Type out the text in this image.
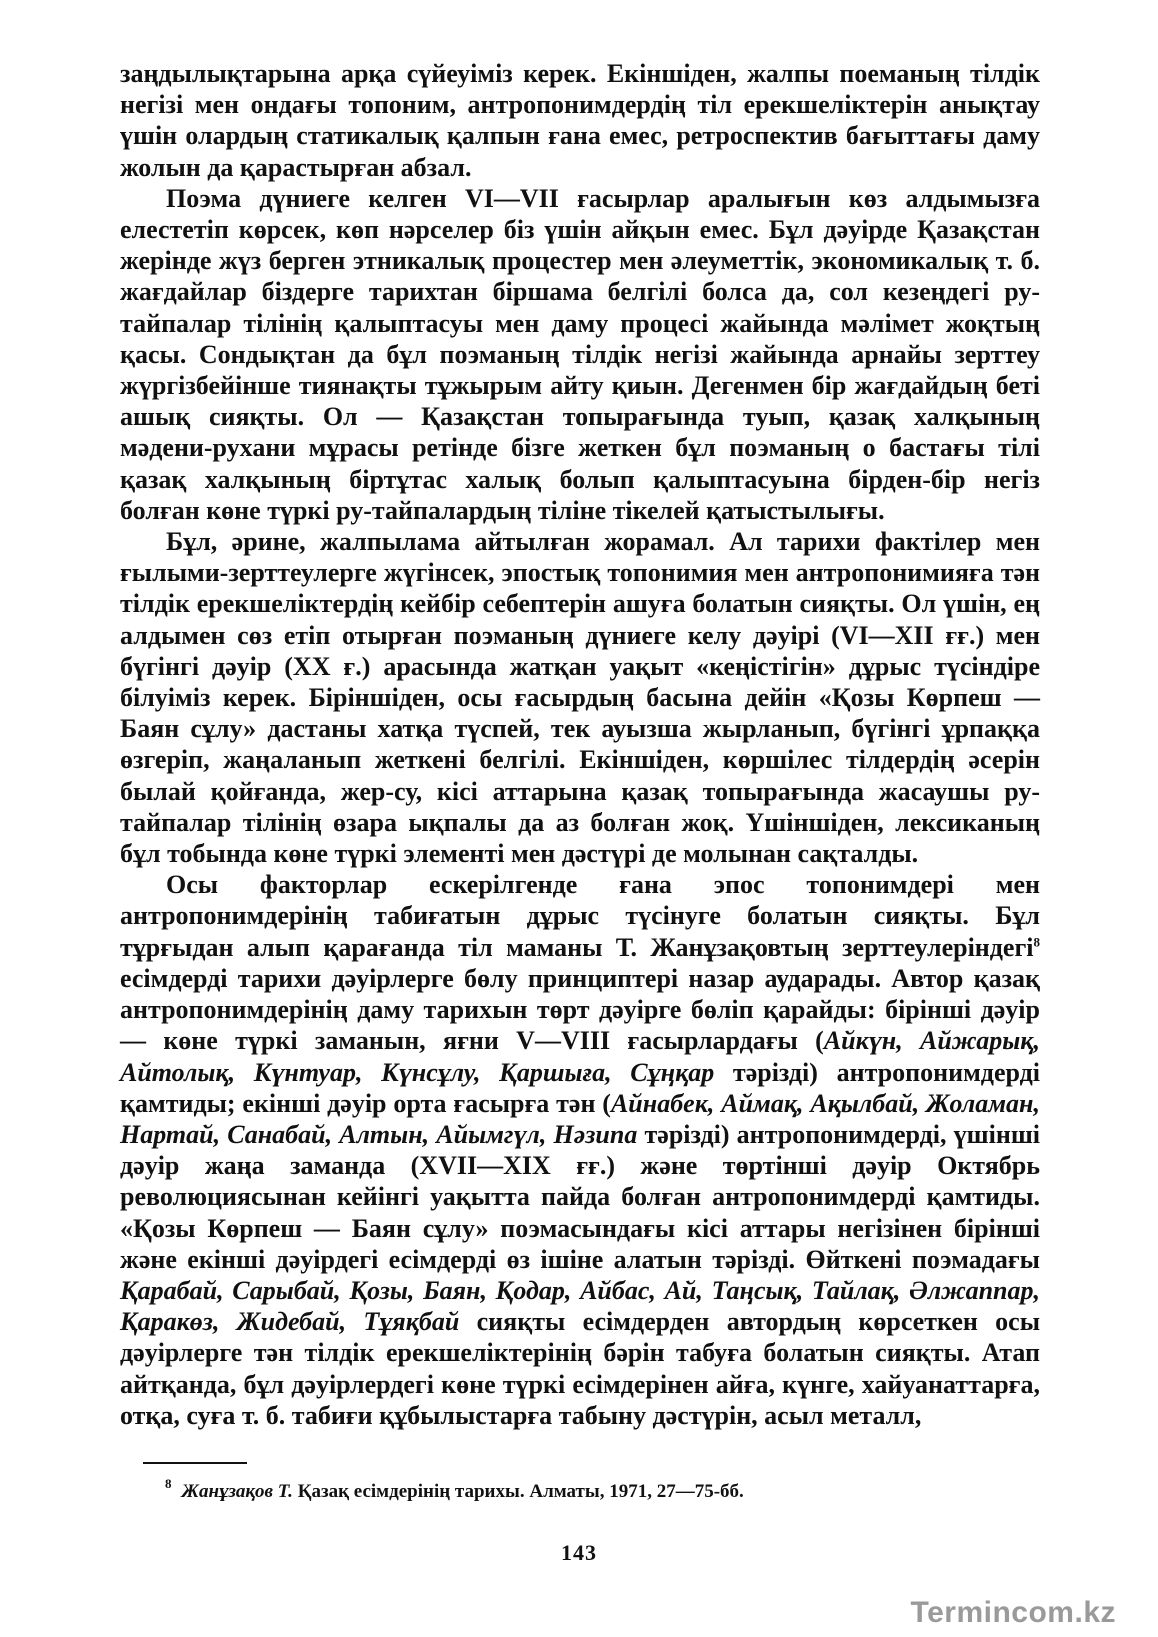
заңдылықтарына арқа сүйеуіміз керек. Екіншіден, жалпы поеманың тілдік негізі мен ондағы топоним, антропонимдердің тіл ерекшеліктерін анықтау үшін олардың статикалық қалпын ғана емес, ретроспектив бағыттағы даму жолын да қарастырған абзал.

Поэма дүниеге келген VI—VII ғасырлар аралығын көз алдымызға елестетіп көрсек, көп нәрселер біз үшін айқын емес. Бұл дәуірде Қазақстан жерінде жүз берген этникалық процестер мен әлеуметтік, экономикалық т. б. жағдайлар біздерге тарихтан біршама белгілі болса да, сол кезеңдегі ру-тайпалар тілінің қалыптасуы мен даму процесі жайында мәлімет жоқтың қасы. Сондықтан да бұл поэманың тілдік негізі жайында арнайы зерттеу жүргізбейінше тиянақты тұжырым айту қиын. Дегенмен бір жағдайдың беті ашық сияқты. Ол — Қазақстан топырағында туып, қазақ халқының мәдени-рухани мұрасы ретінде бізге жеткен бұл поэманың о бастағы тілі қазақ халқының біртұтас халық болып қалыптасуына бірден-бір негіз болған көне түркі ру-тайпалардың тіліне тікелей қатыстылығы.

Бұл, әрине, жалпылама айтылған жорамал. Ал тарихи фактілер мен ғылыми-зерттеулерге жүгінсек, эпостық топонимия мен антропонимияға тән тілдік ерекшеліктердің кейбір себептерін ашуға болатын сияқты. Ол үшін, ең алдымен сөз етіп отырған поэманың дүниеге келу дәуірі (VI—XII ғғ.) мен бүгінгі дәуір (XX ғ.) арасында жатқан уақыт «кеңістігін» дұрыс түсіндіре білуіміз керек. Біріншіден, осы ғасырдың басына дейін «Қозы Көрпеш — Баян сұлу» дастаны хатқа түспей, тек ауызша жырланып, бүгінгі ұрпаққа өзгеріп, жаңаланып жеткені белгілі. Екіншіден, көршілес тілдердің әсерін былай қойғанда, жер-су, кісі аттарына қазақ топырағында жасаушы ру-тайпалар тілінің өзара ықпалы да аз болған жоқ. Үшіншіден, лексиканың бұл тобында көне түркі элементі мен дәстүрі де молынан сақталды.

Осы факторлар ескерілгенде ғана эпос топонимдері мен антропонимдерінің табиғатын дұрыс түсінуге болатын сияқты. Бұл тұрғыдан алып қарағанда тіл маманы Т. Жанұзақовтың зерттеулеріндегі$^8$ есімдерді тарихи дәуірлерге бөлу принциптері назар аударады. Автор қазақ антропонимдерінің даму тарихын төрт дәуірге бөліп қарайды: бірінші дәуір — көне түркі заманын, яғни V—VIII ғасырлардағы (Айкүн, Айжарық, Айтолық, Күнтуар, Күнсұлу, Қаршыға, Сұңқар тәрізді) антропонимдерді қамтиды; екінші дәуір орта ғасырға тән (Айнабек, Аймақ, Ақылбай, Жоламан, Нартай, Санабай, Алтын, Айымгүл, Нәзипа тәрізді) антропонимдерді, үшінші дәуір жаңа заманда (XVII—XIX ғғ.) және төртінші дәуір Октябрь революциясынан кейінгі уақытта пайда болған антропонимдерді қамтиды. «Қозы Көрпеш — Баян сұлу» поэмасындағы кісі аттары негізінен бірінші және екінші дәуірдегі есімдерді өз ішіне алатын тәрізді. Өйткені поэмадағы Қарабай, Сарыбай, Қозы, Баян, Қодар, Айбас, Ай, Таңсық, Тайлақ, Әлжаппар, Қаракөз, Жидебай, Тұяқбай сияқты есімдерден автордың көрсеткен осы дәуірлерге тән тілдік ерекшеліктерінің бәрін табуға болатын сияқты. Атап айтқанда, бұл дәуірлердегі көне түркі есімдерінен айға, күнге, хайуанаттарға, отқа, суға т. б. табиғи құбылыстарға табыну дәстүрін, асыл металл,

$^8$ Жанұзақов Т. Қазақ есімдерінің тарихы. Алматы, 1971, 27—75-бб.
143
Termincom.kz
